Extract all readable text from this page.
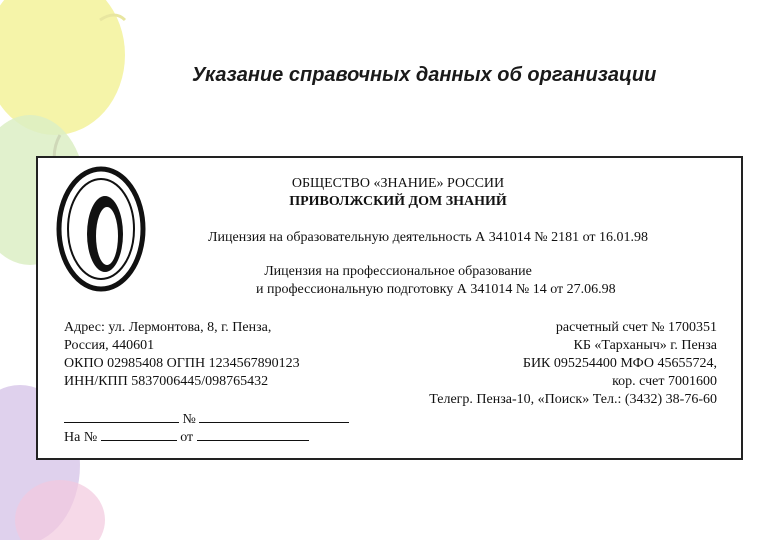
Указание справочных данных об организации
ОБЩЕСТВО «ЗНАНИЕ» РОССИИ
ПРИВОЛЖСКИЙ ДОМ ЗНАНИЙ
Лицензия на образовательную деятельность А 341014 № 2181 от 16.01.98
Лицензия на профессиональное образование
и профессиональную подготовку А 341014 № 14 от 27.06.98
Адрес: ул. Лермонтова, 8, г. Пенза,
Россия, 440601
ОКПО 02985408 ОГПН 1234567890123
ИНН/КПП 5837006445/098765432
расчетный счет № 1700351
КБ «Тарханыч» г. Пенза
БИК 095254400 МФО 45655724,
кор. счет 7001600
Телегр. Пенза-10, «Поиск» Тел.: (3432) 38-76-60
№
На №	от
